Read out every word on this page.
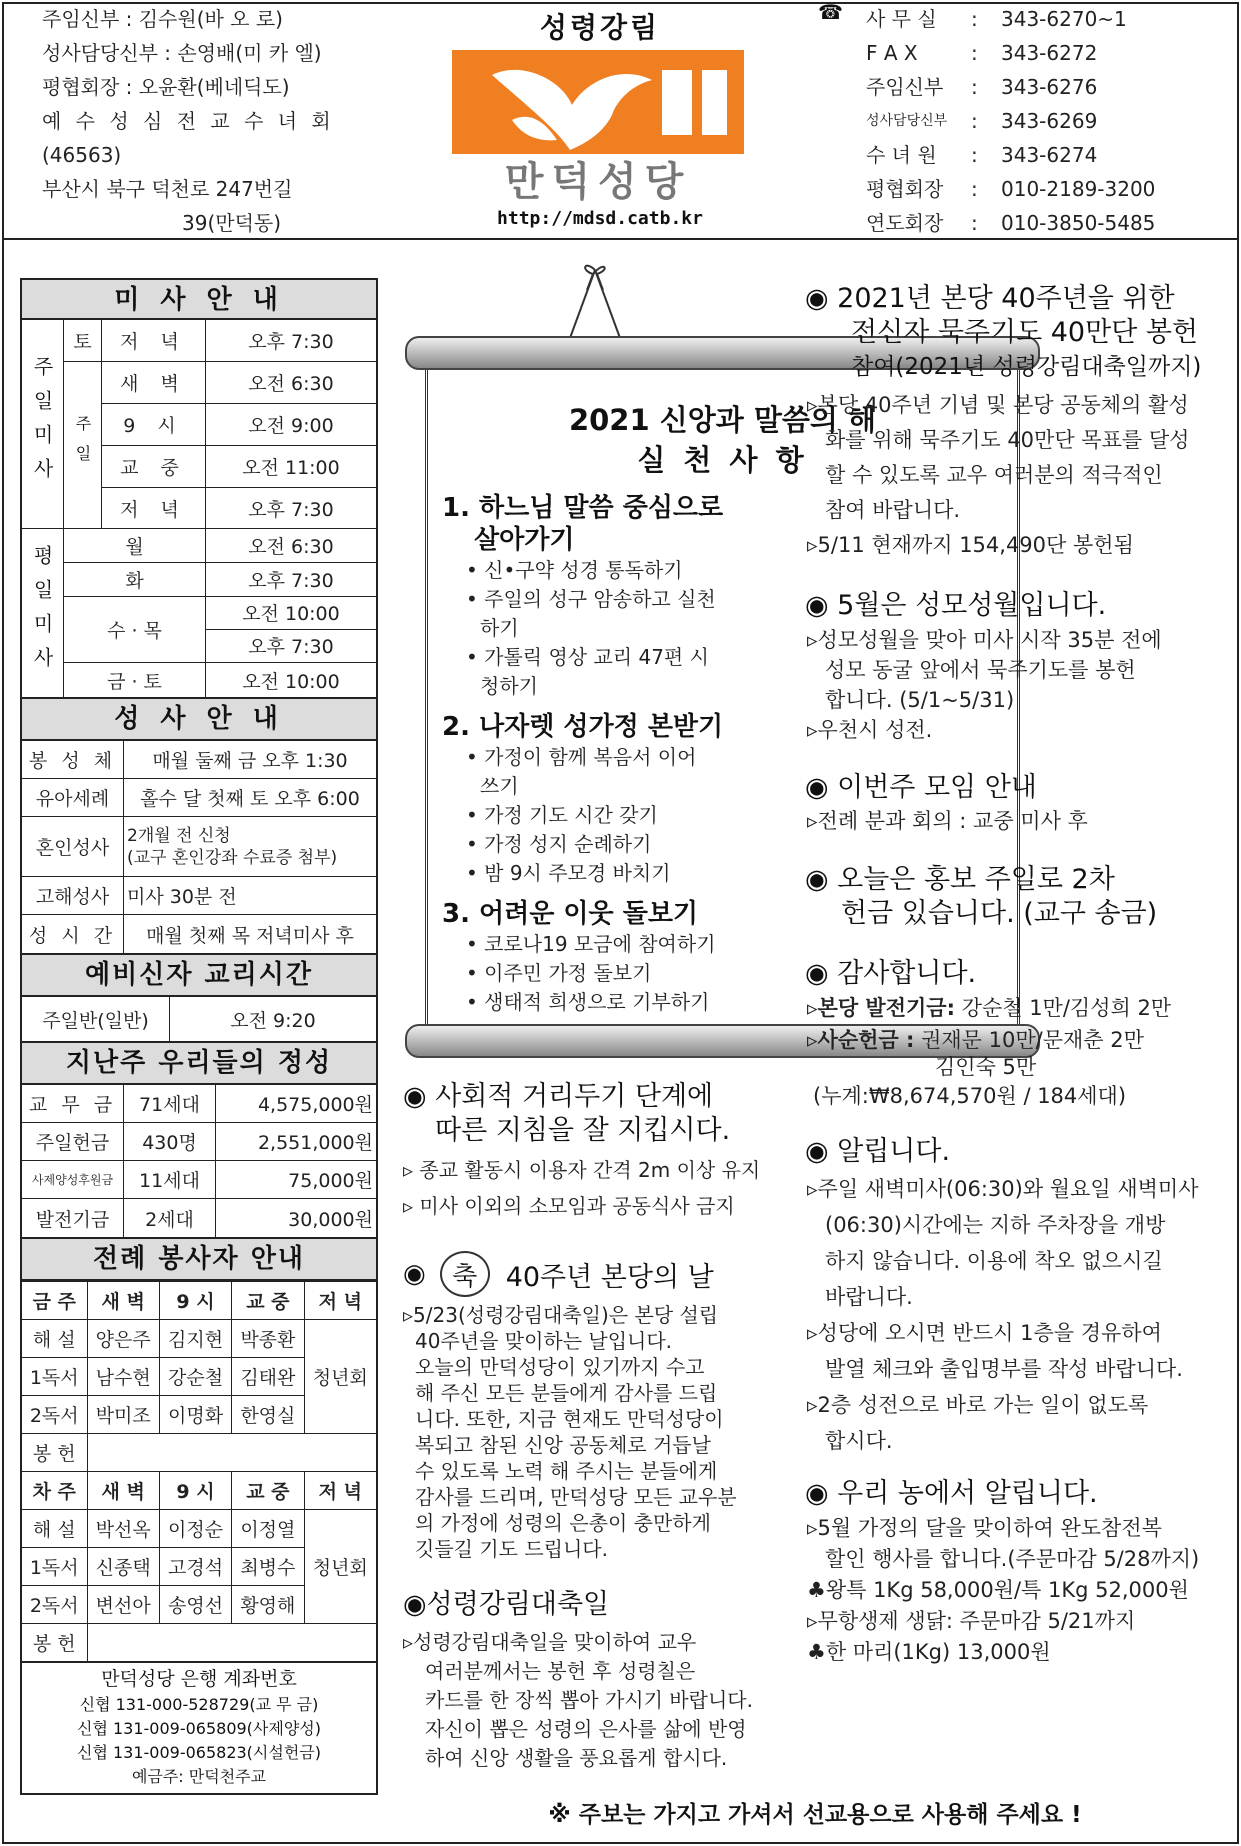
주임신부 : 김수원(바 오 로)
성사담당신부 : 손영배(미 카 엘)
평협회장 : 오윤환(베네딕도)
예 수 성 심 전 교 수 녀 회
(46563)
부산시 북구 덕천로 247번길
39(만덕동)
성령강림
만덕성당
http://mdsd.catb.kr
☎ 사 무 실	:	343-6270~1
F A X	:	343-6272
주임신부	:	343-6276
성사담당신부	:	343-6269
수 녀 원	:	343-6274
평협회장	:	010-2189-3200
연도회장	:	010-3850-5485
미 사 안 내
주일미사
토	저 녁	오후 7:30
주일
새 벽	오전 6:30
9 시	오전 9:00
교 중	오전 11:00
저 녁	오후 7:30
평일미사	월	오전 6:30
화	오후 7:30
수 · 목
오전 10:00
오후 7:30
금 · 토	오전 10:00
성 사 안 내
봉 성 체	매월 둘째 금 오후 1:30
유아세례	홀수 달 첫째 토 오후 6:00
혼인성사
2개월 전 신청
(교구 혼인강좌 수료증 첨부)
고해성사 미사 30분 전
성 시 간	매월 첫째 목 저녁미사 후
예비신자 교리시간
주일반(일반)	오전 9:20
지난주 우리들의 정성
교 무 금	71세대	4,575,000원
주일헌금	430명	2,551,000원
사제양성후원금	11세대	75,000원
발전기금	2세대	30,000원
전례 봉사자 안내
금 주	새 벽	9 시	교 중	저 녁
해 설	양은주	김지현	박종환	청년회
1독서	남수현	강순철	김태완	
2독서	박미조	이명화	한영실	
봉 헌				
차 주	새 벽	9 시	교 중	저 녁
해 설	박선옥	이정순	이정열	청년회
1독서	신종택	고경석	최병수	
2독서	변선아	송영선	황영해	
봉 헌				
만덕성당 은행 계좌번호
신협 131-000-528729(교 무 금)
신협 131-009-065809(사제양성)
신협 131-009-065823(시설헌금)
예금주: 만덕천주교
2021 신앙과 말씀의 해
실 천 사 항
1. 하느님 말씀 중심으로
살아가기
• 신•구약 성경 통독하기
• 주일의 성구 암송하고 실천하기
• 가톨릭 영상 교리 47편 시청하기
2. 나자렛 성가정 본받기
• 가정이 함께 복음서 이어쓰기
• 가정 기도 시간 갖기
• 가정 성지 순례하기
• 밤 9시 주모경 바치기
3. 어려운 이웃 돌보기
• 코로나19 모금에 참여하기
• 이주민 가정 돌보기
• 생태적 희생으로 기부하기
◉ 사회적 거리두기 단계에
따른 지침을 잘 지킵시다.
▹ 종교 활동시 이용자 간격 2m 이상 유지
▹ 미사 이외의 소모임과 공동식사 금지
◉	축	40주년 본당의 날
▹5/23(성령강림대축일)은 본당 설립
40주년을 맞이하는 날입니다.
오늘의 만덕성당이 있기까지 수고
해 주신 모든 분들에게 감사를 드립
니다. 또한, 지금 현재도 만덕성당이
복되고 참된 신앙 공동체로 거듭날
수 있도록 노력 해 주시는 분들에게
감사를 드리며, 만덕성당 모든 교우분
의 가정에 성령의 은총이 충만하게
깃들길 기도 드립니다.
◉성령강림대축일
▹성령강림대축일을 맞이하여 교우
여러분께서는 봉헌 후 성령칠은
카드를 한 장씩 뽑아 가시기 바랍니다.
자신이 뽑은 성령의 은사를 삶에 반영
하여 신앙 생활을 풍요롭게 합시다.
◉ 2021년 본당 40주년을 위한
전신자 묵주기도 40만단 봉헌
참여(2021년 성령강림대축일까지)
▹본당 40주년 기념 및 본당 공동체의 활성
화를 위해 묵주기도 40만단 목표를 달성
할 수 있도록 교우 여러분의 적극적인
참여 바랍니다.
▹5/11 현재까지 154,490단 봉헌됨
◉ 5월은 성모성월입니다.
▹성모성월을 맞아 미사 시작 35분 전에
성모 동굴 앞에서 묵주기도를 봉헌
합니다. (5/1~5/31)
▹우천시 성전.
◉ 이번주 모임 안내
▹전례 분과 회의 : 교중 미사 후
◉ 오늘은 홍보 주일로 2차
헌금 있습니다. (교구 송금)
◉ 감사합니다.
▹본당 발전기금: 강순철 1만/김성희 2만
▹사순헌금 : 권재문 10만/문재춘 2만
김인숙 5만
(누계:₩8,674,570원 / 184세대)
◉ 알립니다.
▹주일 새벽미사(06:30)와 월요일 새벽미사
(06:30)시간에는 지하 주차장을 개방
하지 않습니다. 이용에 착오 없으시길
바랍니다.
▹성당에 오시면 반드시 1층을 경유하여
발열 체크와 출입명부를 작성 바랍니다.
▹2층 성전으로 바로 가는 일이 없도록
합시다.
◉ 우리 농에서 알립니다.
▹5월 가정의 달을 맞이하여 완도참전복
할인 행사를 합니다.(주문마감 5/28까지)
♣왕특 1Kg 58,000원/특 1Kg 52,000원
▹무항생제 생닭: 주문마감 5/21까지
♣한 마리(1Kg) 13,000원
※ 주보는 가지고 가셔서 선교용으로 사용해 주세요 !
